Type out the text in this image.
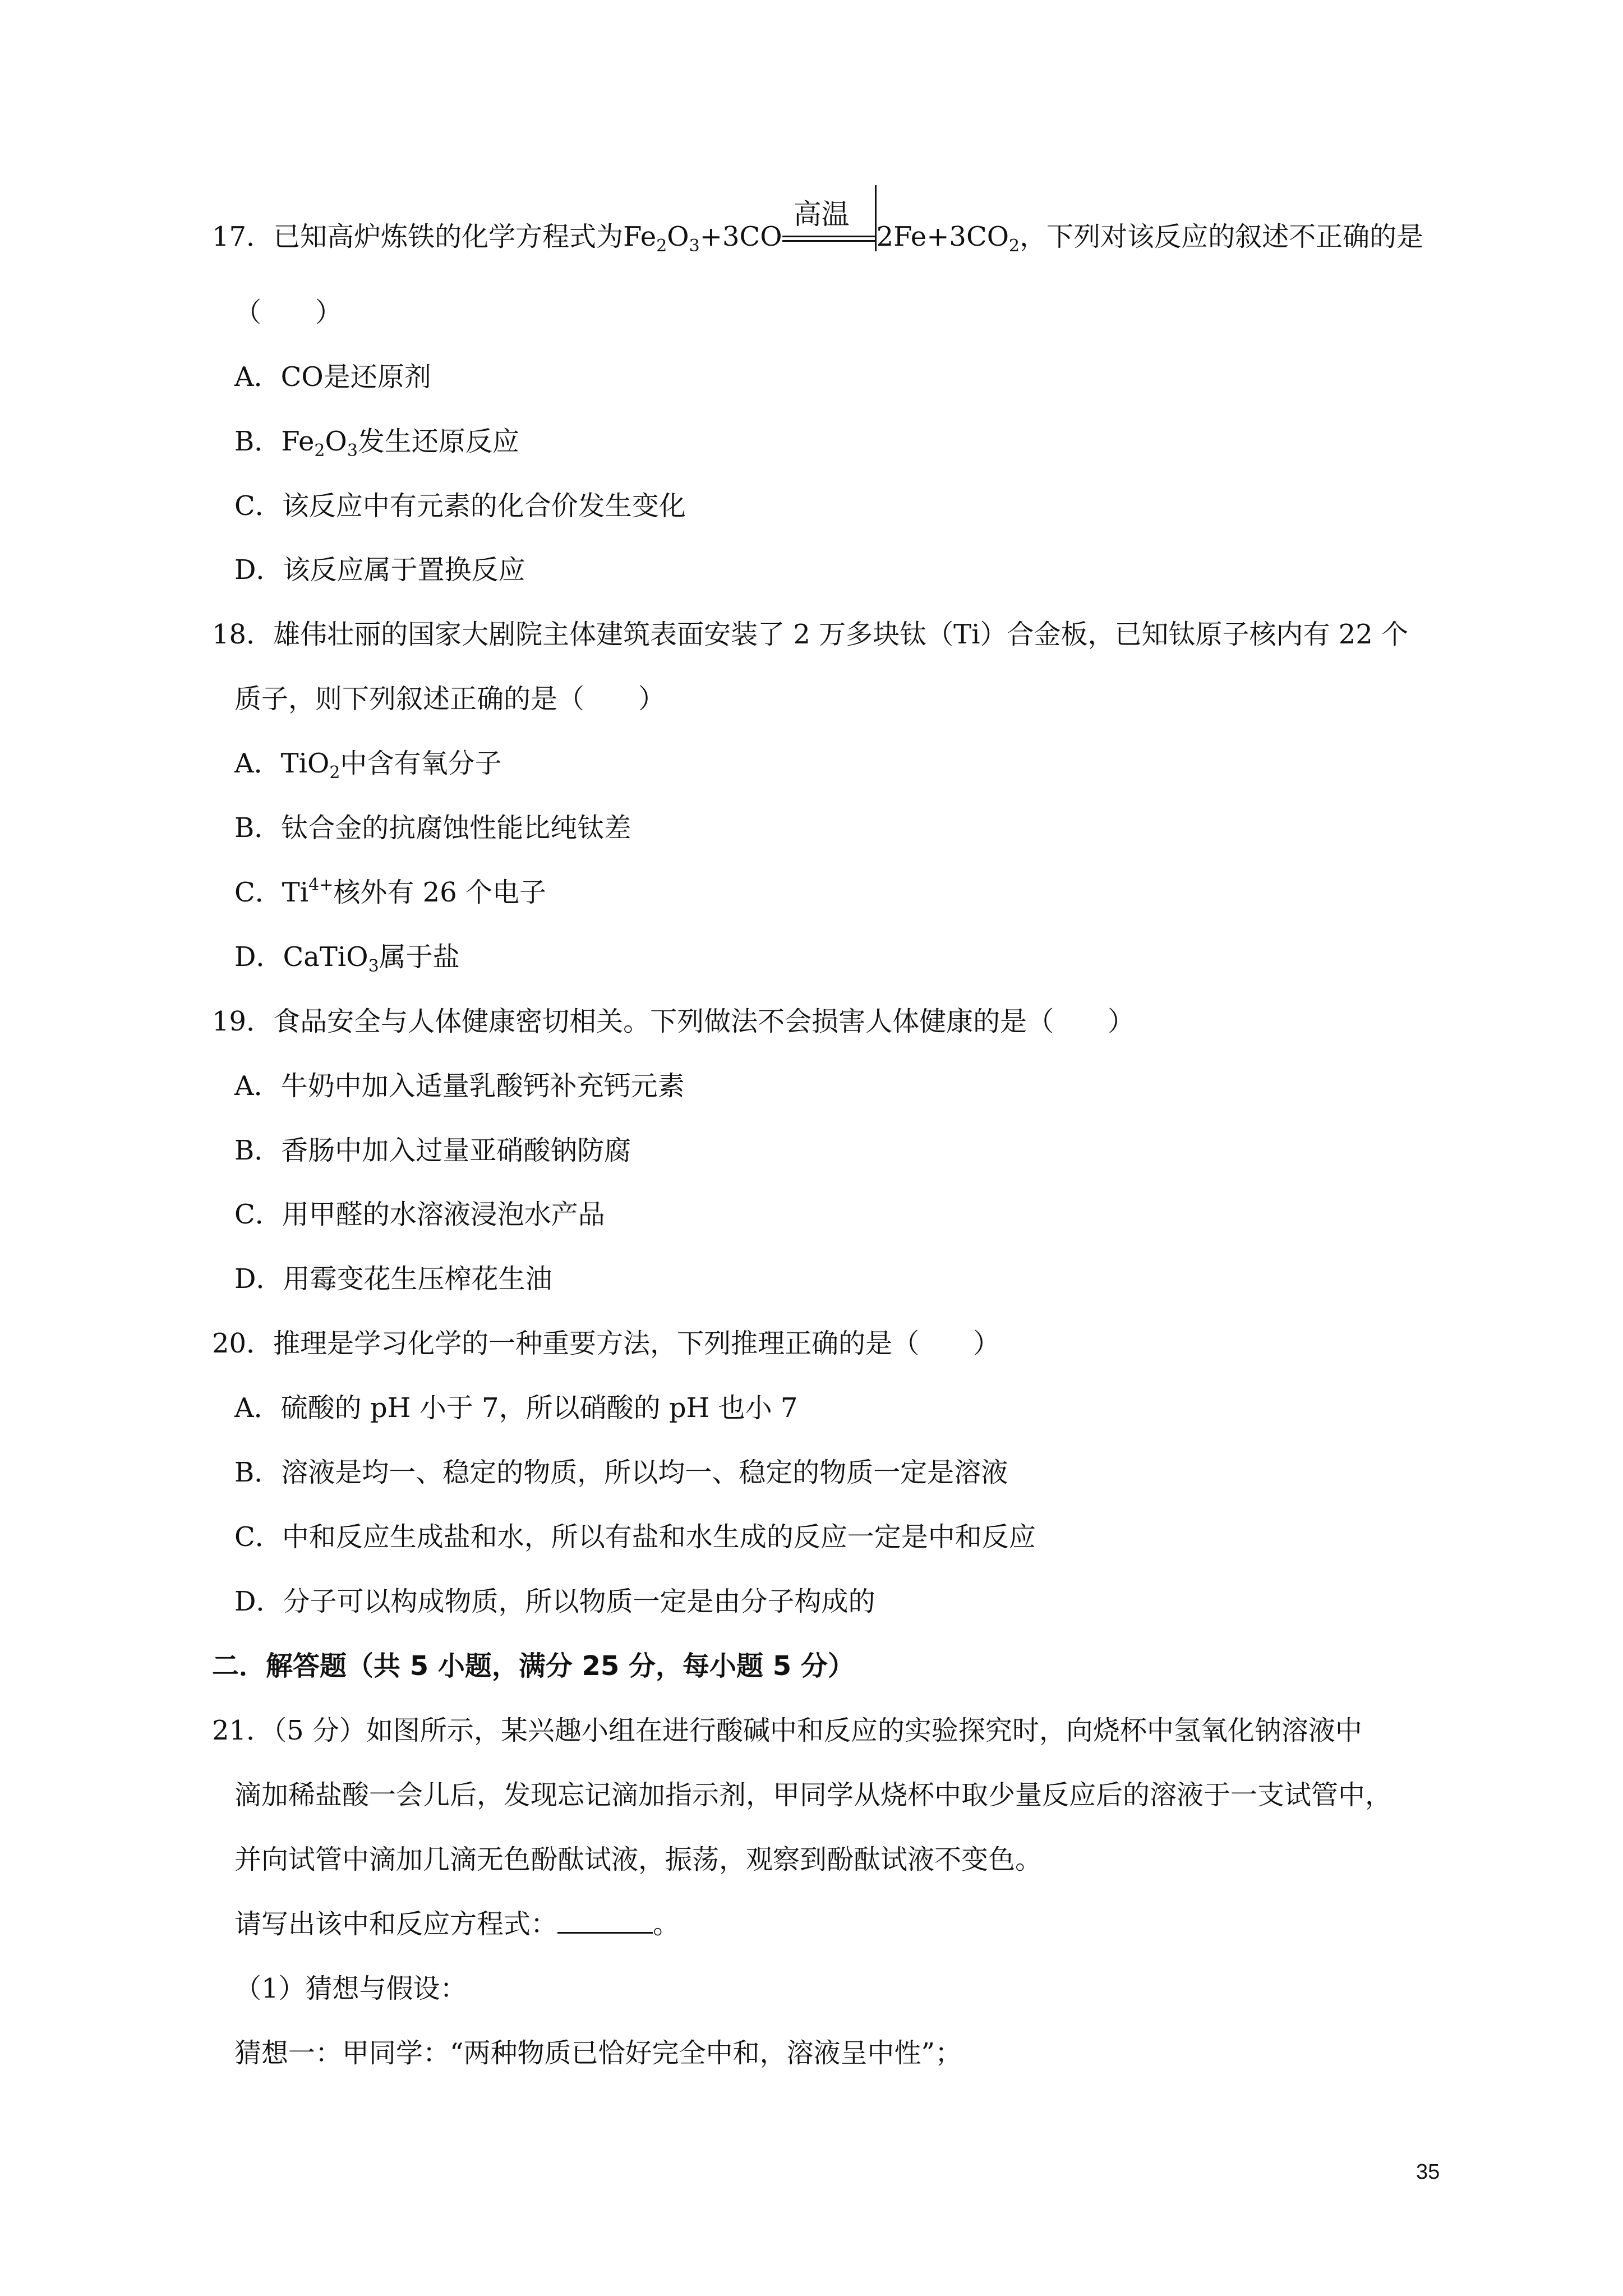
17．已知高炉炼铁的化学方程式为$Fe_2O_3+3CO$
高温
$2Fe+3CO_2$，下列对该反应的叙述不正确的是
（　　）
A．CO是还原剂
B．$Fe_2O_3$发生还原反应
C．该反应中有元素的化合价发生变化
D．该反应属于置换反应
18．雄伟壮丽的国家大剧院主体建筑表面安装了 2 万多块钛（Ti）合金板，已知钛原子核内有 22 个
质子，则下列叙述正确的是（　　）
A．TiO$_2$中含有氧分子
B．钛合金的抗腐蚀性能比纯钛差
C．$Ti^{4+}$核外有 26 个电子
D．CaTiO$_3$属于盐
19．食品安全与人体健康密切相关。下列做法不会损害人体健康的是（　　）
A．牛奶中加入适量乳酸钙补充钙元素
B．香肠中加入过量亚硝酸钠防腐
C．用甲醛的水溶液浸泡水产品
D．用霉变花生压榨花生油
20．推理是学习化学的一种重要方法，下列推理正确的是（　　）
A．硫酸的 pH 小于 7，所以硝酸的 pH 也小 7
B．溶液是均一、稳定的物质，所以均一、稳定的物质一定是溶液
C．中和反应生成盐和水，所以有盐和水生成的反应一定是中和反应
D．分子可以构成物质，所以物质一定是由分子构成的
二．解答题（共 5 小题，满分 25 分，每小题 5 分）
21．（5 分）如图所示，某兴趣小组在进行酸碱中和反应的实验探究时，向烧杯中氢氧化钠溶液中
滴加稀盐酸一会儿后，发现忘记滴加指示剂，甲同学从烧杯中取少量反应后的溶液于一支试管中，
并向试管中滴加几滴无色酚酞试液，振荡，观察到酚酞试液不变色。
请写出该中和反应方程式：	。
（1）猜想与假设：
猜想一：甲同学：“两种物质已恰好完全中和，溶液呈中性”；
35
